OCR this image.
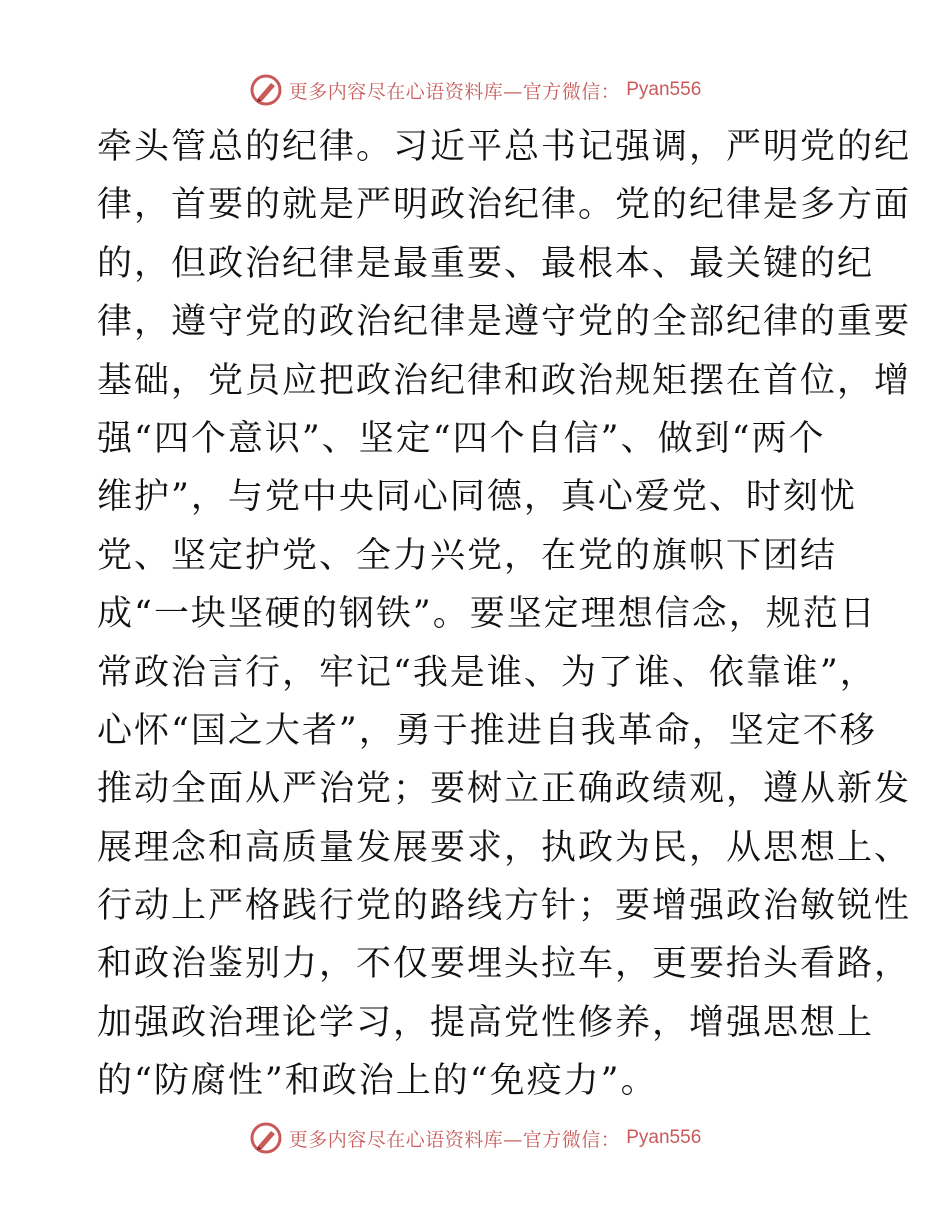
更多内容尽在心语资料库—官方微信： Pyan556
牵头管总的纪律。习近平总书记强调，严明党的纪
律，首要的就是严明政治纪律。党的纪律是多方面
的，但政治纪律是最重要、最根本、最关键的纪
律，遵守党的政治纪律是遵守党的全部纪律的重要
基础，党员应把政治纪律和政治规矩摆在首位，增
强“四个意识”、坚定“四个自信”、做到“两个
维护”，与党中央同心同德，真心爱党、时刻忧
党、坚定护党、全力兴党，在党的旗帜下团结
成“一块坚硬的钢铁”。要坚定理想信念，规范日
常政治言行，牢记“我是谁、为了谁、依靠谁”，
心怀“国之大者”，勇于推进自我革命，坚定不移
推动全面从严治党；要树立正确政绩观，遵从新发
展理念和高质量发展要求，执政为民，从思想上、
行动上严格践行党的路线方针；要增强政治敏锐性
和政治鉴别力，不仅要埋头拉车，更要抬头看路，
加强政治理论学习，提高党性修养，增强思想上
的“防腐性”和政治上的“免疫力”。
更多内容尽在心语资料库—官方微信： Pyan556
